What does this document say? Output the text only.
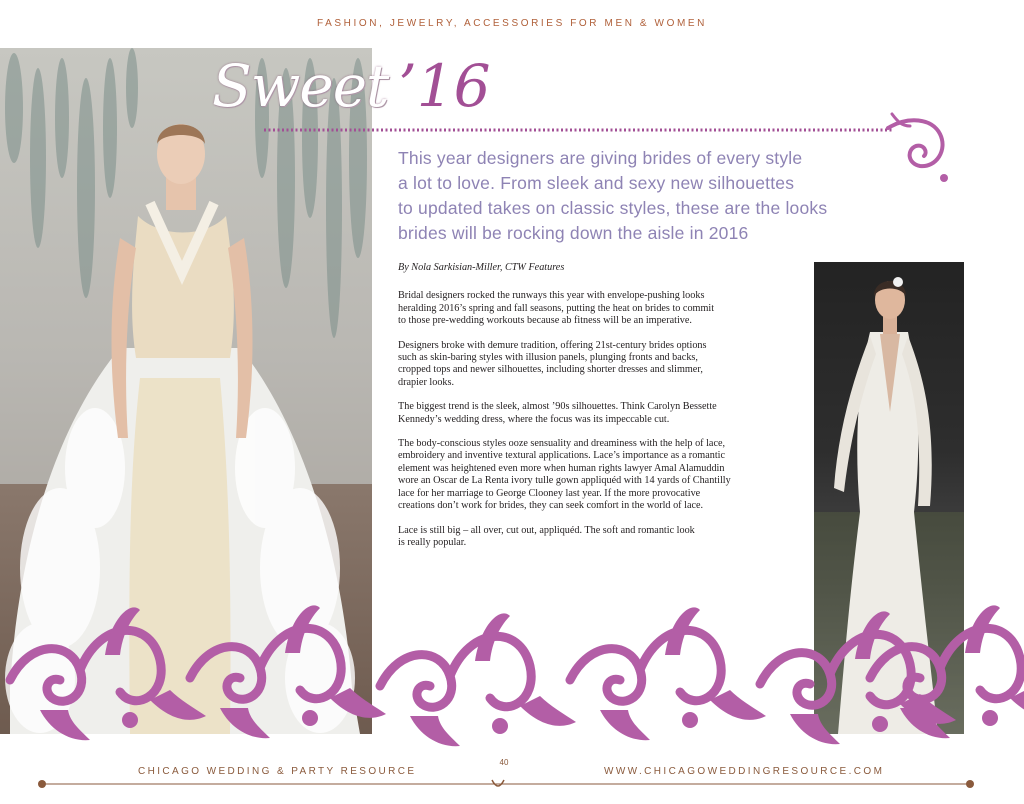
FASHION, JEWELRY, ACCESSORIES FOR MEN & WOMEN
Sweet ’16
This year designers are giving brides of every style
a lot to love. From sleek and sexy new silhouettes
to updated takes on classic styles, these are the looks
brides will be rocking down the aisle in 2016
By Nola Sarkisian-Miller, CTW Features
Bridal designers rocked the runways this year with envelope-pushing looks
heralding 2016’s spring and fall seasons, putting the heat on brides to commit
to those pre-wedding workouts because ab fitness will be an imperative.
Designers broke with demure tradition, offering 21st-century brides options
such as skin-baring styles with illusion panels, plunging fronts and backs,
cropped tops and newer silhouettes, including shorter dresses and slimmer,
drapier looks.
The biggest trend is the sleek, almost ’90s silhouettes. Think Carolyn Bessette
Kennedy’s wedding dress, where the focus was its impeccable cut.
The body-conscious styles ooze sensuality and dreaminess with the help of lace,
embroidery and inventive textural applications. Lace’s importance as a romantic
element was heightened even more when human rights lawyer Amal Alamuddin
wore an Oscar de La Renta ivory tulle gown appliquéd with 14 yards of Chantilly
lace for her marriage to George Clooney last year. If the more provocative
creations don’t work for brides, they can seek comfort in the world of lace.
Lace is still big – all over, cut out, appliquéd. The soft and romantic look
is really popular.
CHICAGO WEDDING & PARTY RESOURCE
40
WWW.CHICAGOWEDDINGRESOURCE.COM
